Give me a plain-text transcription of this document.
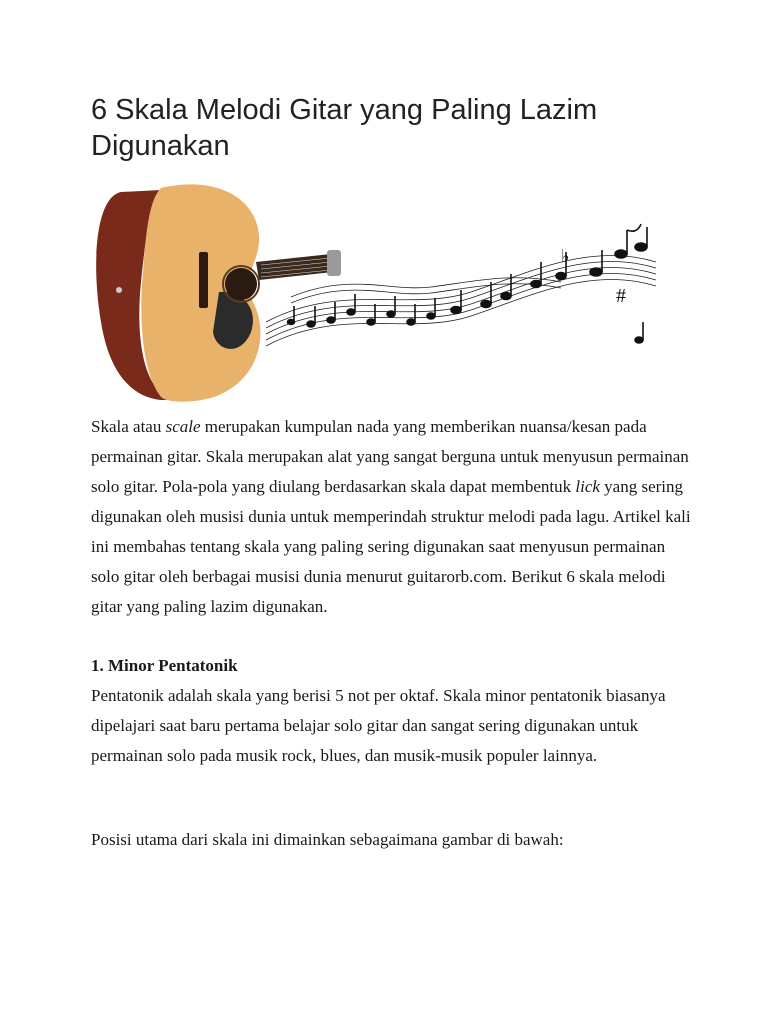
6 Skala Melodi Gitar yang Paling Lazim Digunakan
#
♭

Skala atau scale merupakan kumpulan nada yang memberikan nuansa/kesan pada permainan gitar. Skala merupakan alat yang sangat berguna untuk menyusun permainan solo gitar. Pola-pola yang diulang berdasarkan skala dapat membentuk lick yang sering digunakan oleh musisi dunia untuk memperindah struktur melodi pada lagu. Artikel kali ini membahas tentang skala yang paling sering digunakan saat menyusun permainan solo gitar oleh berbagai musisi dunia menurut guitarorb.com. Berikut 6 skala melodi gitar yang paling lazim digunakan.

1. Minor Pentatonik

Pentatonik adalah skala yang berisi 5 not per oktaf. Skala minor pentatonik biasanya dipelajari saat baru pertama belajar solo gitar dan sangat sering digunakan untuk permainan solo pada musik rock, blues, dan musik-musik populer lainnya.

Posisi utama dari skala ini dimainkan sebagaimana gambar di bawah:
